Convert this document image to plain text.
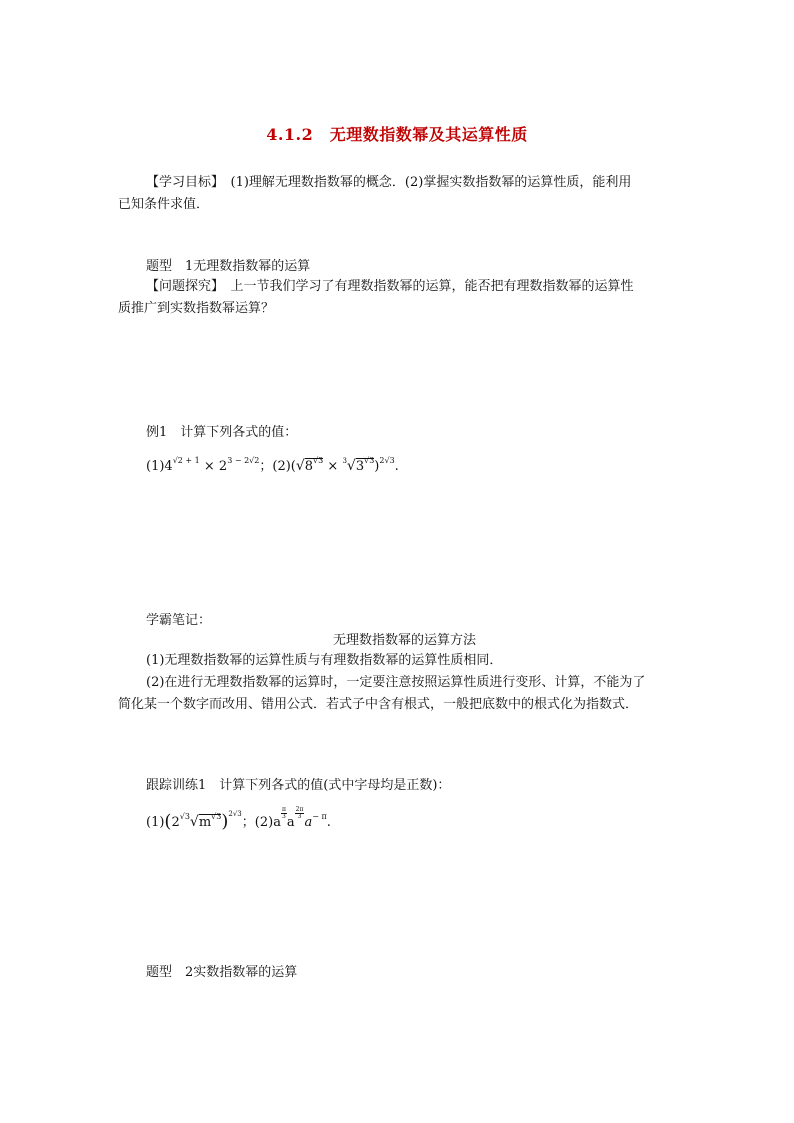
4.1.2　无理数指数幂及其运算性质
【学习目标】　(1)理解无理数指数幂的概念．(2)掌握实数指数幂的运算性质，能利用
已知条件求值．
题型　1无理数指数幂的运算
【问题探究】　上一节我们学习了有理数指数幂的运算，能否把有理数指数幂的运算性
质推广到实数指数幂运算？
例1　计算下列各式的值：
$(1)4^{√2 + 1} \times 2^{3 - 2√2}$；$(2)(√8^{√3} \times ^3√3^{√3})^{2√3}$.
学霸笔记：
无理数指数幂的运算方法
(1)无理数指数幂的运算性质与有理数指数幂的运算性质相同．
(2)在进行无理数指数幂的运算时，一定要注意按照运算性质进行变形、计算，不能为了
简化某一个数字而改用、错用公式．若式子中含有根式，一般把底数中的根式化为指数式．
跟踪训练1　计算下列各式的值(式中字母均是正数)：
$(1)(2^{√3}√m^{√3})^{2√3}$；(2)a
$\frac{\pi}{3}$
a
$\frac{2\pi}{3}$
$a^{- \pi}$.
题型　2实数指数幂的运算
